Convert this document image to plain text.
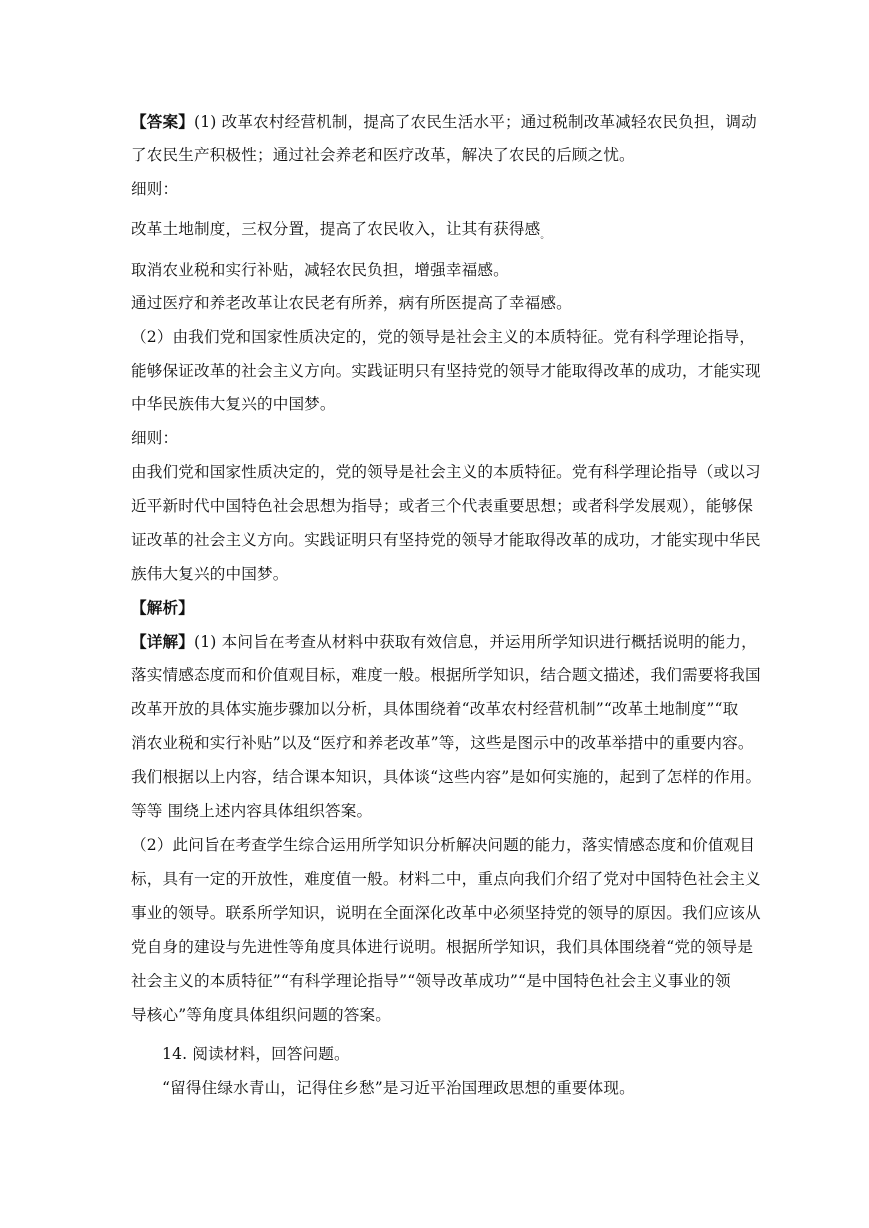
【答案】(1) 改革农村经营机制，提高了农民生活水平；通过税制改革减轻农民负担，调动
了农民生产积极性；通过社会养老和医疗改革，解决了农民的后顾之忧。
细则：
改革土地制度，三权分置，提高了农民收入，让其有获得感$_。$
取消农业税和实行补贴，减轻农民负担，增强幸福感。
通过医疗和养老改革让农民老有所养，病有所医提高了幸福感。
（2）由我们党和国家性质决定的，党的领导是社会主义的本质特征。党有科学理论指导，
能够保证改革的社会主义方向。实践证明只有坚持党的领导才能取得改革的成功，才能实现
中华民族伟大复兴的中国梦。
细则：
由我们党和国家性质决定的，党的领导是社会主义的本质特征。党有科学理论指导（或以习
近平新时代中国特色社会思想为指导；或者三个代表重要思想；或者科学发展观），能够保
证改革的社会主义方向。实践证明只有坚持党的领导才能取得改革的成功，才能实现中华民
族伟大复兴的中国梦。
【解析】
【详解】(1) 本问旨在考查从材料中获取有效信息，并运用所学知识进行概括说明的能力，
落实情感态度而和价值观目标，难度一般。根据所学知识，结合题文描述，我们需要将我国
改革开放的具体实施步骤加以分析，具体围绕着“改革农村经营机制”“改革土地制度”“取
消农业税和实行补贴”以及“医疗和养老改革”等，这些是图示中的改革举措中的重要内容。
我们根据以上内容，结合课本知识，具体谈“这些内容”是如何实施的，起到了怎样的作用。
等等 围绕上述内容具体组织答案。
（2）此问旨在考查学生综合运用所学知识分析解决问题的能力，落实情感态度和价值观目
标，具有一定的开放性，难度值一般。材料二中，重点向我们介绍了党对中国特色社会主义
事业的领导。联系所学知识，说明在全面深化改革中必须坚持党的领导的原因。我们应该从
党自身的建设与先进性等角度具体进行说明。根据所学知识，我们具体围绕着“党的领导是
社会主义的本质特征”“有科学理论指导”“领导改革成功”“是中国特色社会主义事业的领
导核心”等角度具体组织问题的答案。
14. 阅读材料，回答问题。
“留得住绿水青山，记得住乡愁”是习近平治国理政思想的重要体现。
